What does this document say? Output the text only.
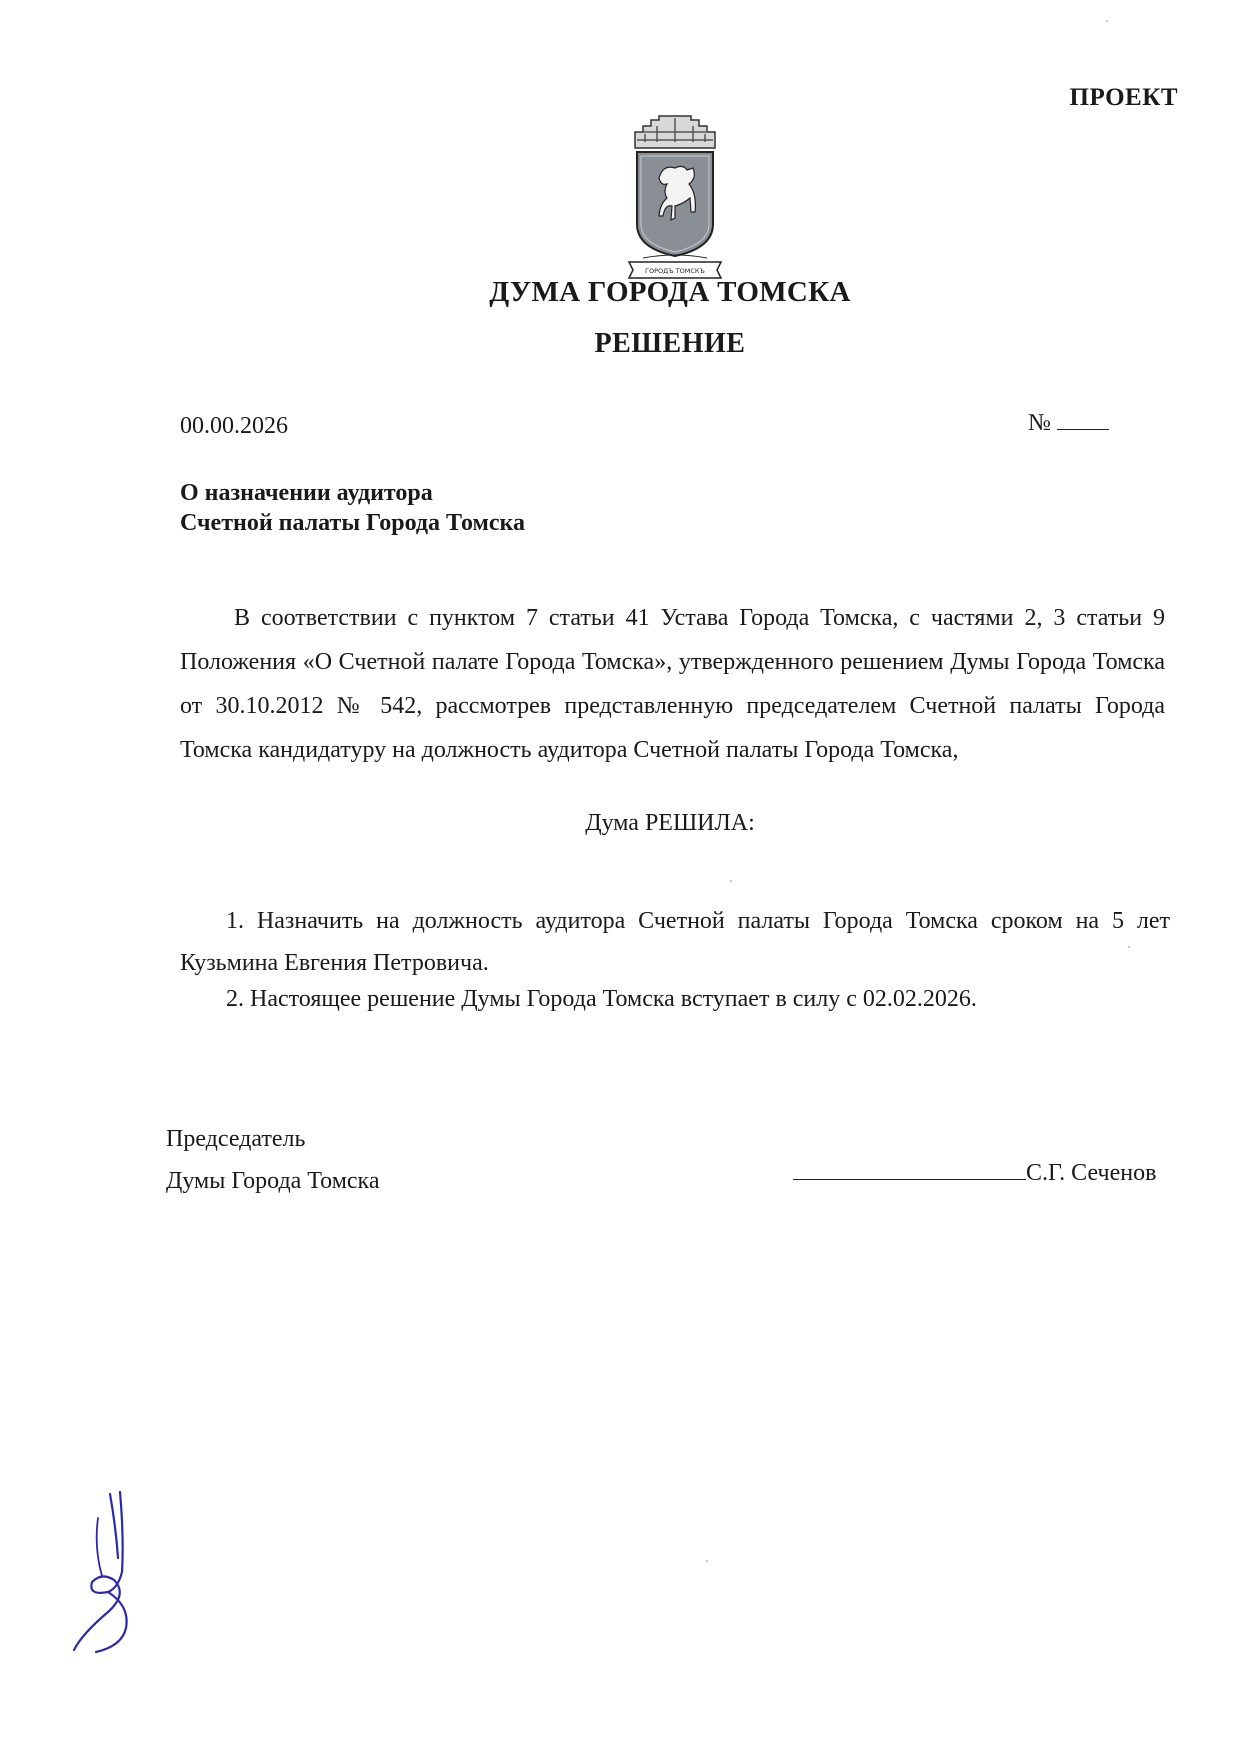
ПРОЕКТ
ГОРОДЪ ТОМСКЪ
ДУМА ГОРОДА ТОМСКА
РЕШЕНИЕ
00.00.2026	№
О назначении аудитора
Счетной палаты Города Томска
В соответствии с пунктом 7 статьи 41 Устава Города Томска, с частями 2, 3 статьи 9 Положения «О Счетной палате Города Томска», утвержденного решением Думы Города Томска от 30.10.2012 № 542, рассмотрев представленную председателем Счетной палаты Города Томска кандидатуру на должность аудитора Счетной палаты Города Томска,
Дума РЕШИЛА:
1. Назначить на должность аудитора Счетной палаты Города Томска сроком на 5 лет Кузьмина Евгения Петровича.
2. Настоящее решение Думы Города Томска вступает в силу с 02.02.2026.
Председатель
Думы Города Томска	С.Г. Сеченов
